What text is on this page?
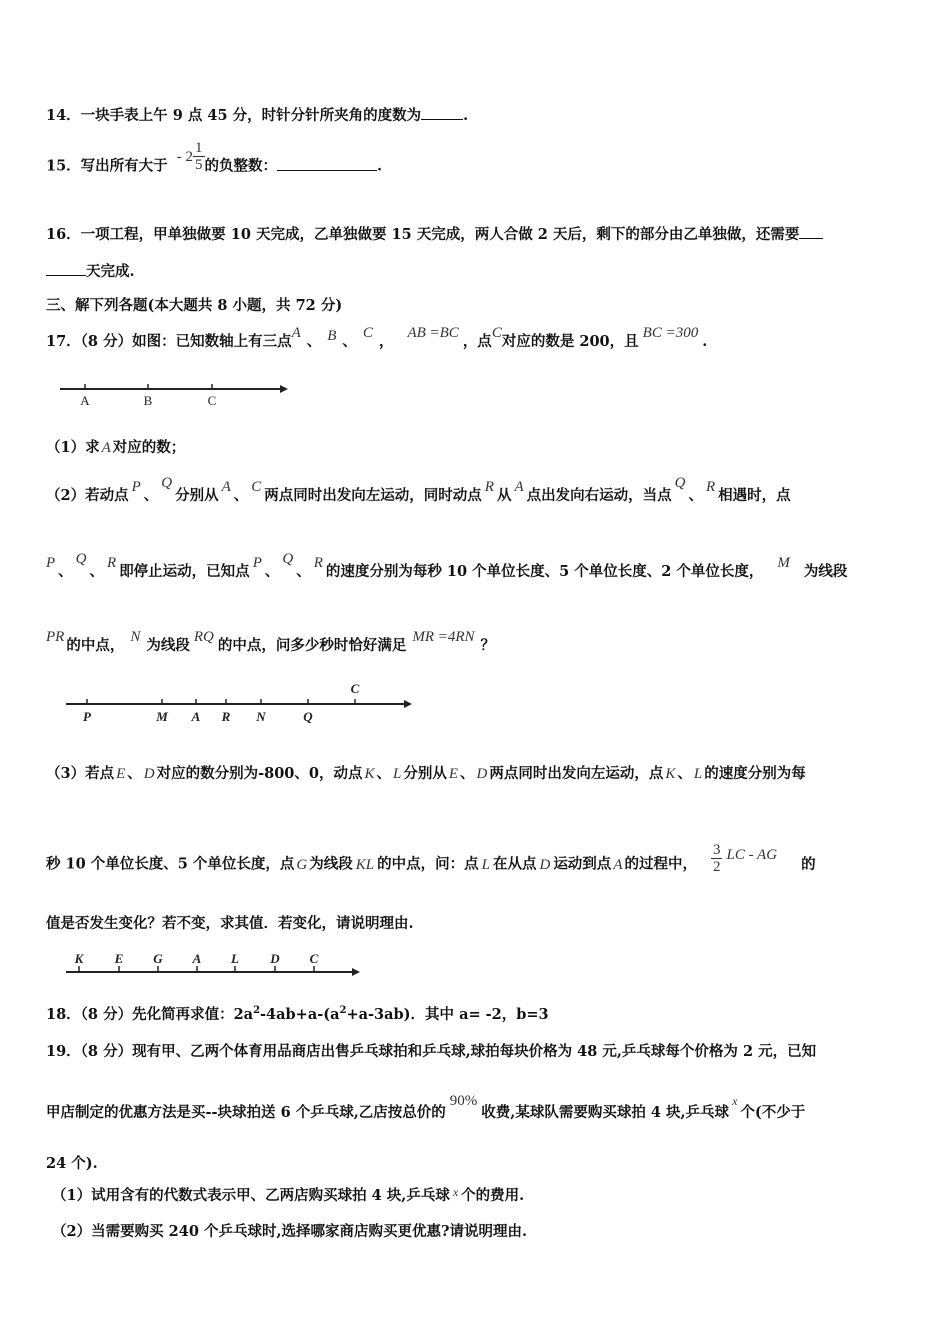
14．一块手表上午 9 点 45 分，时针分针所夹角的度数为	.
15．写出所有大于 - $2 \frac{1}{5}$ 的负整数：	.
16．一项工程，甲单独做要 10 天完成，乙单独做要 15 天完成，两人合做 2 天后，剩下的部分由乙单独做，还需要
天完成.
三、解下列各题(本大题共 8 小题，共 72 分)
17．（8 分）如图：已知数轴上有三点A 、 B 、 C ， AB =BC ，点C对应的数是 200，且 BC =300 .
A	B	C
（1）求 A 对应的数；
（2）若动点 P 、Q分别从 A 、 C 两点同时出发向左运动，同时动点 R 从 A 点出发向右运动，当点Q、 R 相遇时，点
P 、Q、 R 即停止运动，已知点 P 、Q、 R 的速度分别为每秒 10 个单位长度、5 个单位长度、2 个单位长度， M 为线段
PR 的中点， N 为线段 RQ 的中点，问多少秒时恰好满足 MR =4RN ？
P	M A R N	Q
C
（3）若点 E 、 D 对应的数分别为-800、0，动点 K 、 L 分别从 E 、 D 两点同时出发向左运动，点 K 、 L 的速度分别为每
秒 10 个单位长度、5 个单位长度，点 G 为线段 KL 的中点，问：点 L 在从点 D 运动到点 A 的过程中， $\frac{3}{2}$ LC - AG的
值是否发生变化？若不变，求其值．若变化，请说明理由.
K E G A L D C
18．（8 分）先化简再求值：$2a^2-4ab+a-(a^2+a-3ab)$．其中 a= -2，b=3
19．（8 分）现有甲、乙两个体育用品商店出售乒乓球拍和乒乓球,球拍每块价格为 48 元,乒乓球每个价格为 2 元，已知
甲店制定的优惠方法是买--块球拍送 6 个乒乓球,乙店按总价的90%收费,某球队需要购买球拍 4 块,乒乓球$^x$个(不少于
24 个).
（1）试用含有的代数式表示甲、乙两店购买球拍 4 块,乒乓球 $^x$ 个的费用.
（2）当需要购买 240 个乒乓球时,选择哪家商店购买更优惠?请说明理由.
